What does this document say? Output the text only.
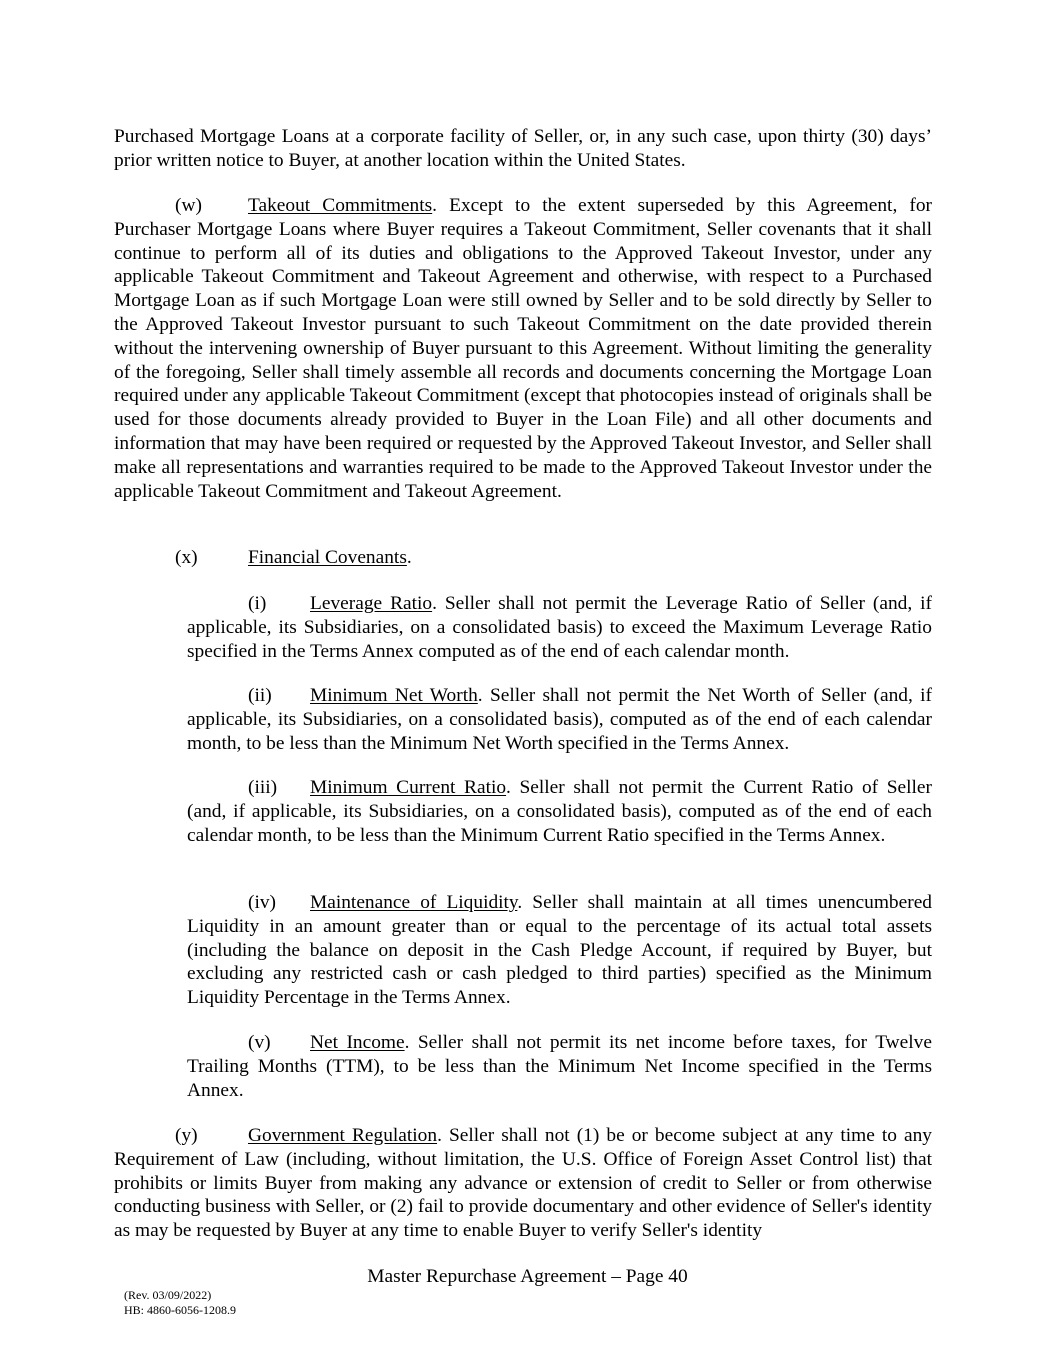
Purchased Mortgage Loans at a corporate facility of Seller, or, in any such case, upon thirty (30) days’ prior written notice to Buyer, at another location within the United States.
(w) Takeout Commitments. Except to the extent superseded by this Agreement, for Purchaser Mortgage Loans where Buyer requires a Takeout Commitment, Seller covenants that it shall continue to perform all of its duties and obligations to the Approved Takeout Investor, under any applicable Takeout Commitment and Takeout Agreement and otherwise, with respect to a Purchased Mortgage Loan as if such Mortgage Loan were still owned by Seller and to be sold directly by Seller to the Approved Takeout Investor pursuant to such Takeout Commitment on the date provided therein without the intervening ownership of Buyer pursuant to this Agreement. Without limiting the generality of the foregoing, Seller shall timely assemble all records and documents concerning the Mortgage Loan required under any applicable Takeout Commitment (except that photocopies instead of originals shall be used for those documents already provided to Buyer in the Loan File) and all other documents and information that may have been required or requested by the Approved Takeout Investor, and Seller shall make all representations and warranties required to be made to the Approved Takeout Investor under the applicable Takeout Commitment and Takeout Agreement.
(x)	Financial Covenants.
(i) Leverage Ratio. Seller shall not permit the Leverage Ratio of Seller (and, if applicable, its Subsidiaries, on a consolidated basis) to exceed the Maximum Leverage Ratio specified in the Terms Annex computed as of the end of each calendar month.
(ii) Minimum Net Worth. Seller shall not permit the Net Worth of Seller (and, if applicable, its Subsidiaries, on a consolidated basis), computed as of the end of each calendar month, to be less than the Minimum Net Worth specified in the Terms Annex.
(iii) Minimum Current Ratio. Seller shall not permit the Current Ratio of Seller (and, if applicable, its Subsidiaries, on a consolidated basis), computed as of the end of each calendar month, to be less than the Minimum Current Ratio specified in the Terms Annex.
(iv) Maintenance of Liquidity. Seller shall maintain at all times unencumbered Liquidity in an amount greater than or equal to the percentage of its actual total assets (including the balance on deposit in the Cash Pledge Account, if required by Buyer, but excluding any restricted cash or cash pledged to third parties) specified as the Minimum Liquidity Percentage in the Terms Annex.
(v) Net Income. Seller shall not permit its net income before taxes, for Twelve Trailing Months (TTM), to be less than the Minimum Net Income specified in the Terms Annex.
(y)	Government Regulation. Seller shall not (1) be or become subject at any time to any Requirement of Law (including, without limitation, the U.S. Office of Foreign Asset Control list) that prohibits or limits Buyer from making any advance or extension of credit to Seller or from otherwise conducting business with Seller, or (2) fail to provide documentary and other evidence of Seller's identity as may be requested by Buyer at any time to enable Buyer to verify Seller's identity
Master Repurchase Agreement – Page 40
(Rev. 03/09/2022)
HB: 4860-6056-1208.9
